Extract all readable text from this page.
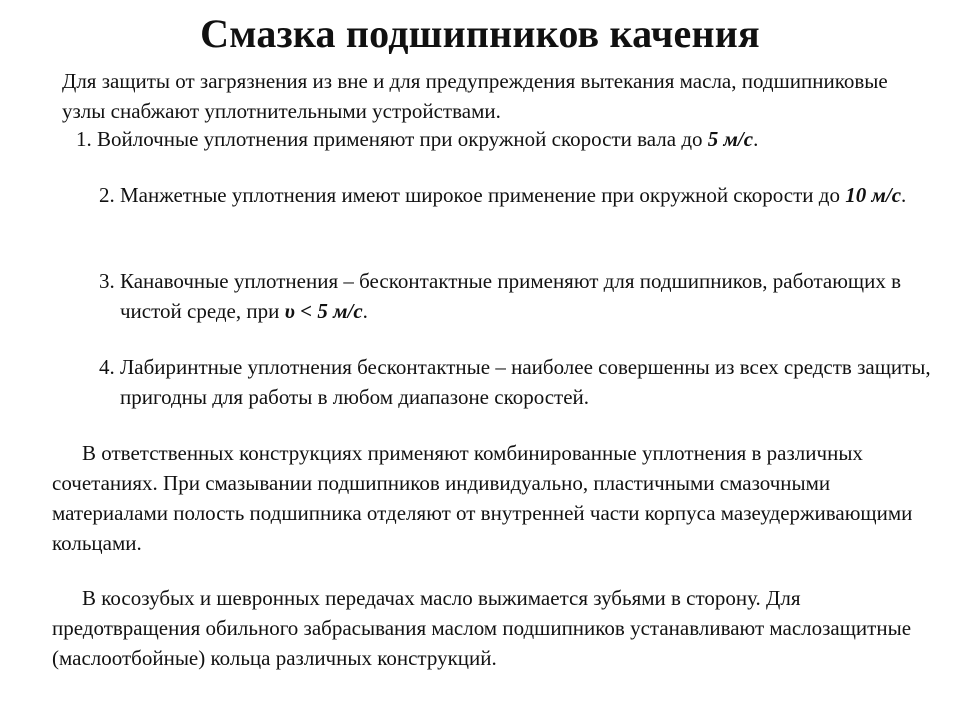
Смазка подшипников качения
Для защиты от загрязнения из вне и для предупреждения вытекания масла, подшипниковые узлы снабжают уплотнительными устройствами.
1. Войлочные уплотнения применяют при окружной скорости вала до 5 м/с.
2. Манжетные уплотнения имеют широкое применение при окружной скорости до 10 м/с.
3. Канавочные уплотнения – бесконтактные применяют для подшипников, работающих в чистой среде, при υ < 5 м/с.
4. Лабиринтные уплотнения бесконтактные – наиболее совершенны из всех средств защиты, пригодны для работы в любом диапазоне скоростей.
В ответственных конструкциях применяют комбинированные уплотнения в различных сочетаниях. При смазывании подшипников индивидуально, пластичными смазочными материалами полость подшипника отделяют от внутренней части корпуса мазеудерживающими кольцами.
В косозубых и шевронных передачах масло выжимается зубьями в сторону. Для предотвращения обильного забрасывания маслом подшипников устанавливают маслозащитные (маслоотбойные) кольца различных конструкций.
